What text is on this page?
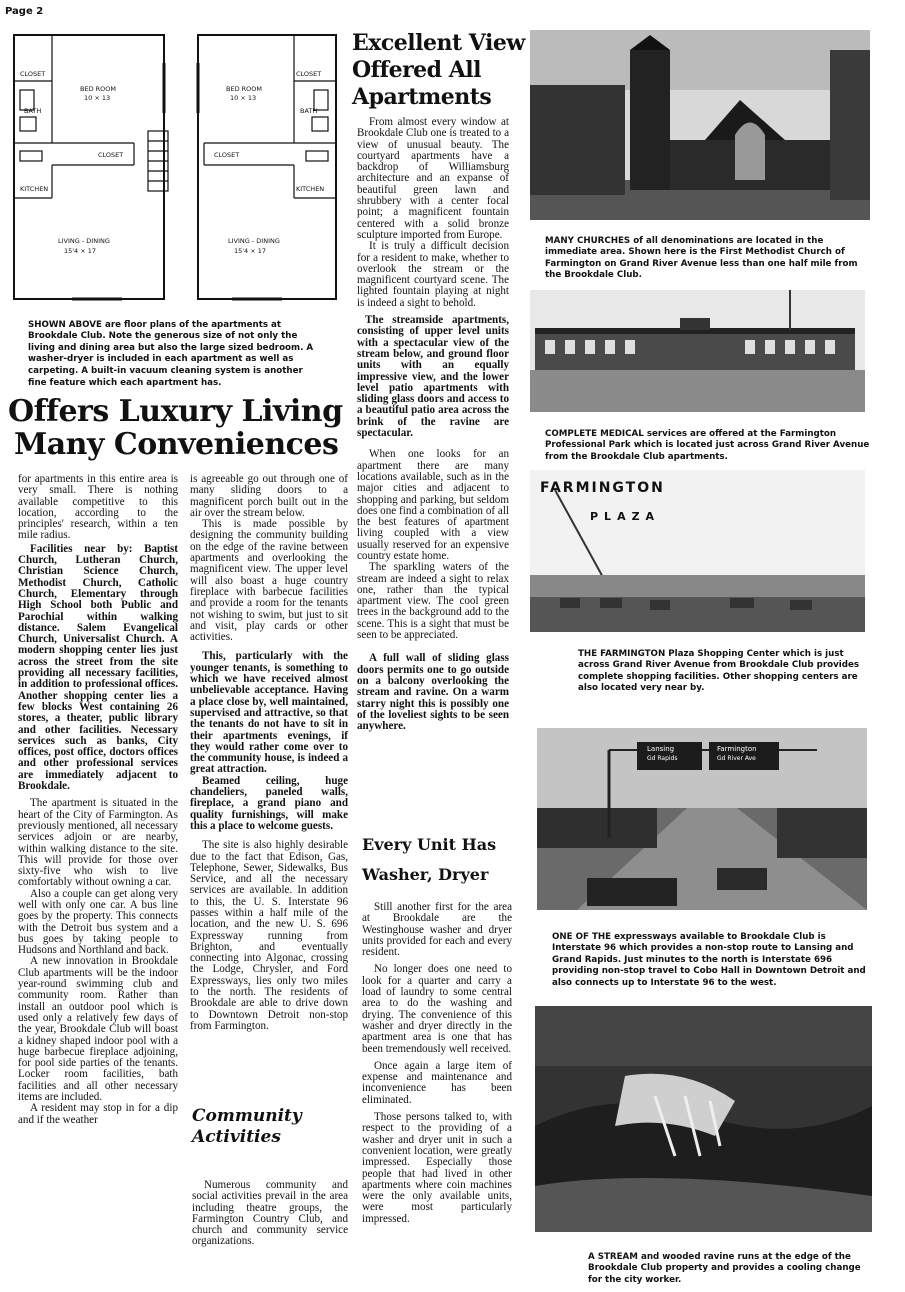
Page 2
CLOSET
BED ROOM
10 × 13
BATH
CLOSET
KITCHEN
LIVING - DINING
15'4 × 17
CLOSET
BED ROOM
10 × 13
BATH
CLOSET
KITCHEN
LIVING - DINING
15'4 × 17

SHOWN ABOVE are floor plans of the apartments at Brookdale Club. Note the generous size of not only the living and dining area but also the large sized bedroom. A washer-dryer is included in each apartment as well as carpeting. A built-in vacuum cleaning system is another fine feature which each apartment has.

Offers Luxury Living
Many Conveniences

for apartments in this entire area is very small. There is nothing available competitive to this location, according to the principles' research, within a ten mile radius.

Facilities near by: Baptist Church, Lutheran Church, Christian Science Church, Methodist Church, Catholic Church, Elementary through High School both Public and Parochial within walking distance. Salem Evangelical Church, Universalist Church. A modern shopping center lies just across the street from the site providing all necessary facilities, in addition to professional offices. Another shopping center lies a few blocks West containing 26 stores, a theater, public library and other facilities. Necessary services such as banks, City offices, post office, doctors offices and other professional services are immediately adjacent to Brookdale.

The apartment is situated in the heart of the City of Farmington. As previously mentioned, all necessary services adjoin or are nearby, within walking distance to the site. This will provide for those over sixty-five who wish to live comfortably without owning a car.

Also a couple can get along very well with only one car. A bus line goes by the property. This connects with the Detroit bus system and a bus goes by taking people to Hudsons and Northland and back.

A new innovation in Brookdale Club apartments will be the indoor year-round swimming club and community room. Rather than install an outdoor pool which is used only a relatively few days of the year, Brookdale Club will boast a kidney shaped indoor pool with a huge barbecue fireplace adjoining, for pool side parties of the tenants. Locker room facilities, bath facilities and all other necessary items are included.

A resident may stop in for a dip and if the weather

is agreeable go out through one of many sliding doors to a magnificent porch built out in the air over the stream below.

This is made possible by designing the community building on the edge of the ravine between apartments and overlooking the magnificent view. The upper level will also boast a huge country fireplace with barbecue facilities and provide a room for the tenants not wishing to swim, but just to sit and visit, play cards or other activities.

This, particularly with the younger tenants, is something to which we have received almost unbelievable acceptance. Having a place close by, well maintained, supervised and attractive, so that the tenants do not have to sit in their apartments evenings, if they would rather come over to the community house, is indeed a great attraction.

Beamed ceiling, huge chandeliers, paneled walls, fireplace, a grand piano and quality furnishings, will make this a place to welcome guests.

The site is also highly desirable due to the fact that Edison, Gas, Telephone, Sewer, Sidewalks, Bus Service, and all the necessary services are available. In addition to this, the U. S. Interstate 96 passes within a half mile of the location, and the new U. S. 696 Expressway running from Brighton, and eventually connecting into Algonac, crossing the Lodge, Chrysler, and Ford Expressways, lies only two miles to the north. The residents of Brookdale are able to drive down to Downtown Detroit non-stop from Farmington.

Community
Activities

Numerous community and social activities prevail in the area including theatre groups, the Farmington Country Club, and church and community service organizations.

Excellent View
Offered All
Apartments

From almost every window at Brookdale Club one is treated to a view of unusual beauty. The courtyard apartments have a backdrop of Williamsburg architecture and an expanse of beautiful green lawn and shrubbery with a center focal point; a magnificent fountain centered with a solid bronze sculpture imported from Europe.

It is truly a difficult decision for a resident to make, whether to overlook the stream or the magnificent courtyard scene. The lighted fountain playing at night is indeed a sight to behold.

The streamside apartments, consisting of upper level units with a spectacular view of the stream below, and ground floor units with an equally impressive view, and the lower level patio apartments with sliding glass doors and access to a beautiful patio area across the brink of the ravine are spectacular.

When one looks for an apartment there are many locations available, such as in the major cities and adjacent to shopping and parking, but seldom does one find a combination of all the best features of apartment living coupled with a view usually reserved for an expensive country estate home.

The sparkling waters of the stream are indeed a sight to relax one, rather than the typical apartment view. The cool green trees in the background add to the scene. This is a sight that must be seen to be appreciated.

A full wall of sliding glass doors permits one to go outside on a balcony overlooking the stream and ravine. On a warm starry night this is possibly one of the loveliest sights to be seen anywhere.

Every Unit Has
Washer, Dryer

Still another first for the area at Brookdale are the Westinghouse washer and dryer units provided for each and every resident.

No longer does one need to look for a quarter and carry a load of laundry to some central area to do the washing and drying. The convenience of this washer and dryer directly in the apartment area is one that has been tremendously well received.

Once again a large item of expense and maintenance and inconvenience has been eliminated.

Those persons talked to, with respect to the providing of a washer and dryer unit in such a convenient location, were greatly impressed. Especially those people that had lived in other apartments where coin machines were the only available units, were most particularly impressed.

MANY CHURCHES of all denominations are located in the immediate area. Shown here is the First Methodist Church of Farmington on Grand River Avenue less than one half mile from the Brookdale Club.

COMPLETE MEDICAL services are offered at the Farmington Professional Park which is located just across Grand River Avenue from the Brookdale Club apartments.

FARMINGTON
PLAZA

THE FARMINGTON Plaza Shopping Center which is just across Grand River Avenue from Brookdale Club provides complete shopping facilities. Other shopping centers are also located very near by.

Lansing
Gd Rapids
Farmington
Gd River Ave

ONE OF THE expressways available to Brookdale Club is Interstate 96 which provides a non-stop route to Lansing and Grand Rapids. Just minutes to the north is Interstate 696 providing non-stop travel to Cobo Hall in Downtown Detroit and also connects up to Interstate 96 to the west.

A STREAM and wooded ravine runs at the edge of the Brookdale Club property and provides a cooling change for the city worker.
